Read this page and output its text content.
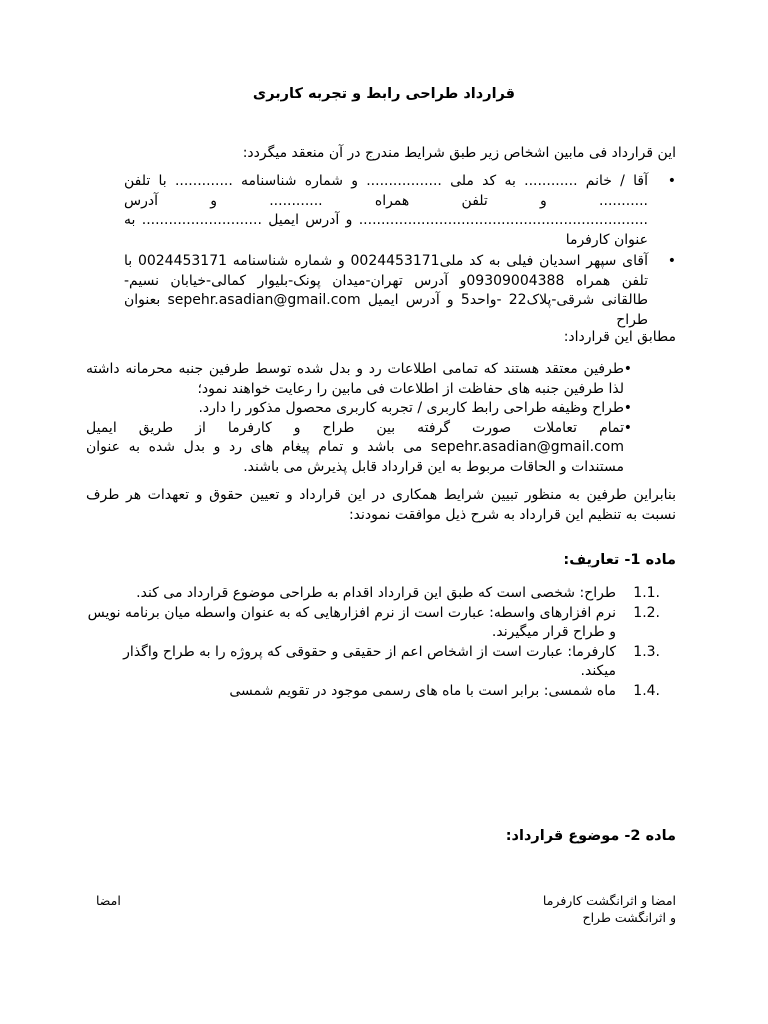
قرارداد طراحی رابط و تجربه کاربری
این قرارداد فی مابین اشخاص زیر طبق شرایط مندرج در آن منعقد میگردد:
• آقا / خانم ............ به کد ملی ................. و شماره شناسنامه ............. با تلفن ........... و تلفن همراه ............ و آدرس ................................................................. و آدرس ایمیل ........................... به عنوان کارفرما
• آقای سپهر اسدیان فیلی به کد ملی0024453171 و شماره شناسنامه 0024453171 با تلفن همراه 09309004388و آدرس تهران-میدان پونک-بلیوار کمالی-خیابان نسیم- طالقانی شرقی-پلاک22 -واحد5 و آدرس ایمیل sepehr.asadian@gmail.com بعنوان طراح
مطابق این قرارداد:
• طرفین معتقد هستند که تمامی اطلاعات رد و بدل شده توسط طرفین جنبه محرمانه داشته لذا طرفین جنبه های حفاظت از اطلاعات فی مابین را رعایت خواهند نمود؛
• طراح وظیفه طراحی رابط کاربری / تجربه کاربری محصول مذکور را دارد.
• تمام تعاملات صورت گرفته بین طراح و کارفرما از طریق ایمیل sepehr.asadian@gmail.com می باشد و تمام پیغام های رد و بدل شده به عنوان مستندات و الحاقات مربوط به این قرارداد قابل پذیرش می باشند.
بنابراین طرفین به منظور تبیین شرایط همکاری در این قرارداد و تعیین حقوق و تعهدات هر طرف نسبت به تنظیم این قرارداد به شرح ذیل موافقت نمودند:
ماده 1- تعاریف:
1.1.
طراح: شخصی است که طبق این قرارداد اقدام به طراحی موضوع قرارداد می کند.
1.2.
نرم افزارهای واسطه: عبارت است از نرم افزارهایی که به عنوان واسطه میان برنامه نویس و طراح قرار میگیرند.
1.3.
کارفرما: عبارت است از اشخاص اعم از حقیقی و حقوقی که پروژه را به طراح واگذار میکند.
1.4.
ماه شمسی: برابر است با ماه های رسمی موجود در تقویم شمسی
ماده 2- موضوع قرارداد:
امضا و اثرانگشت کارفرما
و اثرانگشت طراح
امضا
